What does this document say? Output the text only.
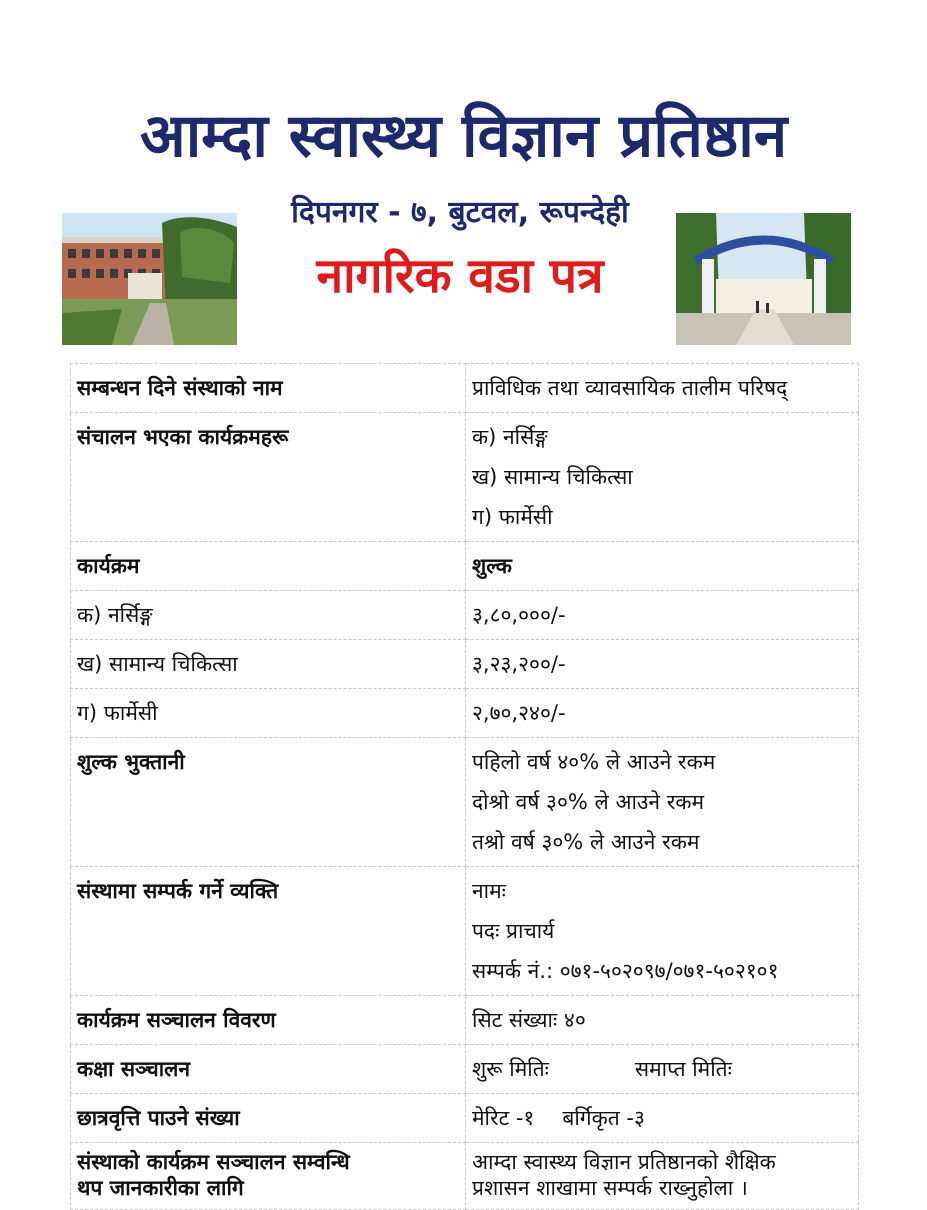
आम्दा स्वास्थ्य विज्ञान प्रतिष्ठान
दिपनगर - ७, बुटवल, रूपन्देही
नागरिक वडा पत्र
सम्बन्धन दिने संस्थाको नाम	प्राविधिक तथा व्यावसायिक तालीम परिषद्
संचालन भएका कार्यक्रमहरू	क) नर्सिङ्ग
ख) सामान्य चिकित्सा
ग) फार्मेसी

कार्यक्रम	शुल्क
क) नर्सिङ्ग	३,८०,०००/-
ख) सामान्य चिकित्सा	३,२३,२००/-
ग) फार्मेसी	२,७०,२४०/-
शुल्क भुक्तानी	पहिलो वर्ष ४०% ले आउने रकम
दोश्रो वर्ष ३०% ले आउने रकम
तश्रो वर्ष ३०% ले आउने रकम

संस्थामा सम्पर्क गर्ने व्यक्ति	नामः
पदः प्राचार्य
सम्पर्क नं.: ०७१-५०२०९७/०७१-५०२१०१

कार्यक्रम सञ्चालन विवरण	सिट संख्याः ४०
कक्षा सञ्चालन	शुरू मितिः समाप्त मितिः
छात्रवृत्ति पाउने संख्या	मेरिट -१ बर्गिकृत -३

संस्थाको कार्यक्रम सञ्चालन सम्वन्धि
थप जानकारीका लागि	आम्दा स्वास्थ्य विज्ञान प्रतिष्ठानको शैक्षिक
प्रशासन शाखामा सम्पर्क राख्नुहोला ।
